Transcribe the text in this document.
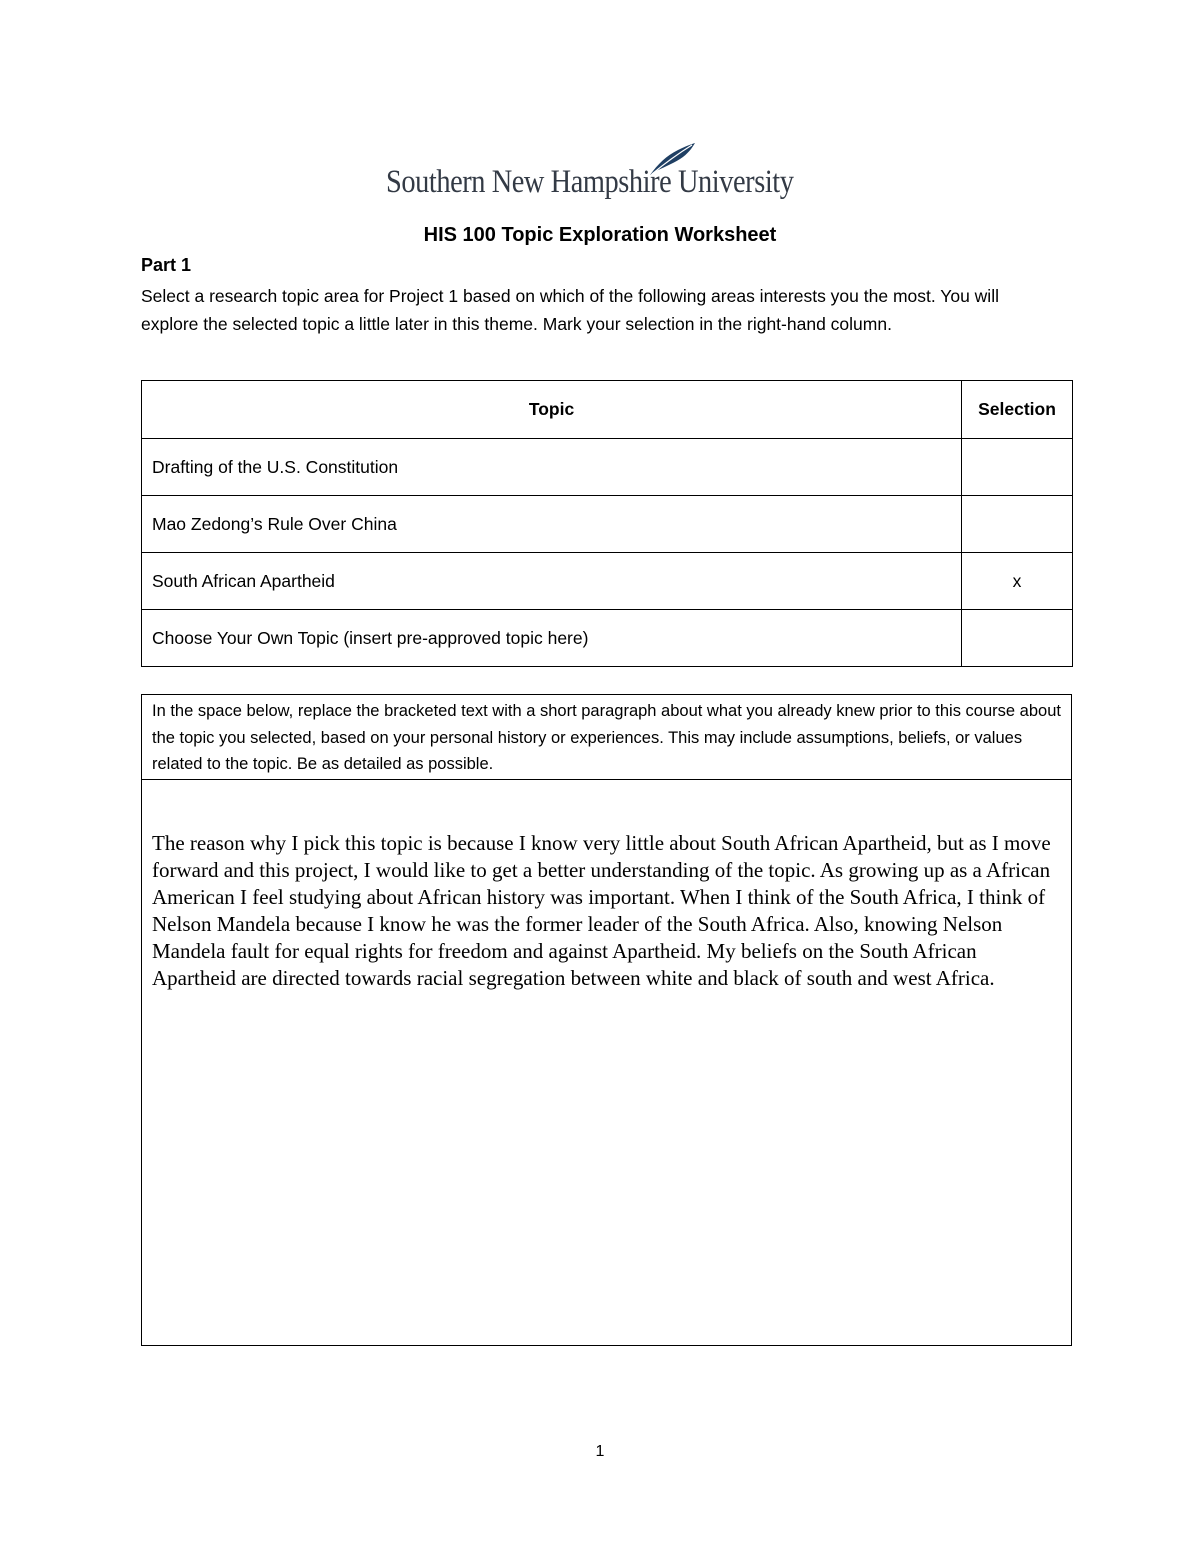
Southern New Hampshire University
HIS 100 Topic Exploration Worksheet
Part 1
Select a research topic area for Project 1 based on which of the following areas interests you the most. You will explore the selected topic a little later in this theme. Mark your selection in the right-hand column.
Topic	Selection
Drafting of the U.S. Constitution	
Mao Zedong’s Rule Over China	
South African Apartheid	x
Choose Your Own Topic (insert pre-approved topic here)	
In the space below, replace the bracketed text with a short paragraph about what you already knew prior to this course about the topic you selected, based on your personal history or experiences. This may include assumptions, beliefs, or values related to the topic. Be as detailed as possible.
The reason why I pick this topic is because I know very little about South African Apartheid, but as I move forward and this project, I would like to get a better understanding of the topic. As growing up as a African American I feel studying about African history was important. When I think of the South Africa, I think of Nelson Mandela because I know he was the former leader of the South Africa. Also, knowing Nelson Mandela fault for equal rights for freedom and against Apartheid. My beliefs on the South African Apartheid are directed towards racial segregation between white and black of south and west Africa.
1
